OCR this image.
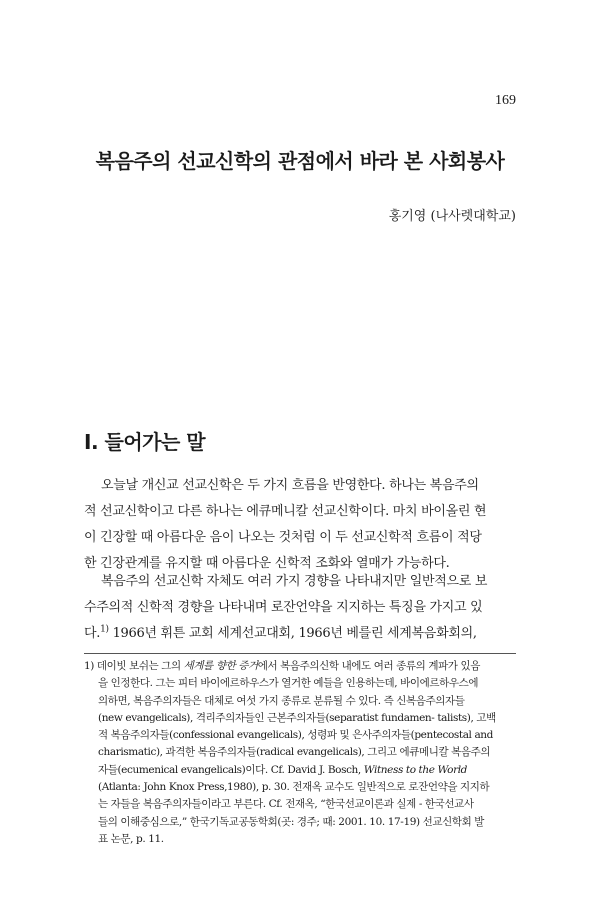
169
복음주의 선교신학의 관점에서 바라 본 사회봉사
홍기영 (나사렛대학교)
I. 들어가는 말
오늘날 개신교 선교신학은 두 가지 흐름을 반영한다. 하나는 복음주의
적 선교신학이고 다른 하나는 에큐메니칼 선교신학이다. 마치 바이올린 현
이 긴장할 때 아름다운 음이 나오는 것처럼 이 두 선교신학적 흐름이 적당
한 긴장관계를 유지할 때 아름다운 신학적 조화와 열매가 가능하다.
복음주의 선교신학 자체도 여러 가지 경향을 나타내지만 일반적으로 보
수주의적 신학적 경향을 나타내며 로잔언약을 지지하는 특징을 가지고 있
다.$^{1)}$ 1966년 휘튼 교회 세계선교대회, 1966년 베를린 세계복음화회의,
1) 데이빗 보쉬는 그의 세계를 향한 증거에서 복음주의신학 내에도 여러 종류의 계파가 있음
을 인정한다. 그는 피터 바이에르하우스가 열거한 예들을 인용하는데, 바이에르하우스에
의하면, 복음주의자들은 대체로 여섯 가지 종류로 분류될 수 있다. 즉 신복음주의자들
(new evangelicals), 격리주의자들인 근본주의자들(separatist fundamen- talists), 고백
적 복음주의자들(confessional evangelicals), 성령파 및 은사주의자들(pentecostal and
charismatic), 과격한 복음주의자들(radical evangelicals), 그리고 에큐메니칼 복음주의
자들(ecumenical evangelicals)이다. Cf. David J. Bosch, Witness to the World
(Atlanta: John Knox Press,1980), p. 30. 전재옥 교수도 일반적으로 로잔언약을 지지하
는 자들을 복음주의자들이라고 부른다. Cf. 전재옥, “한국선교이론과 실제 - 한국선교사
들의 이해중심으로,” 한국기독교공동학회(곳: 경주; 때: 2001. 10. 17-19) 선교신학회 발
표 논문, p. 11.
